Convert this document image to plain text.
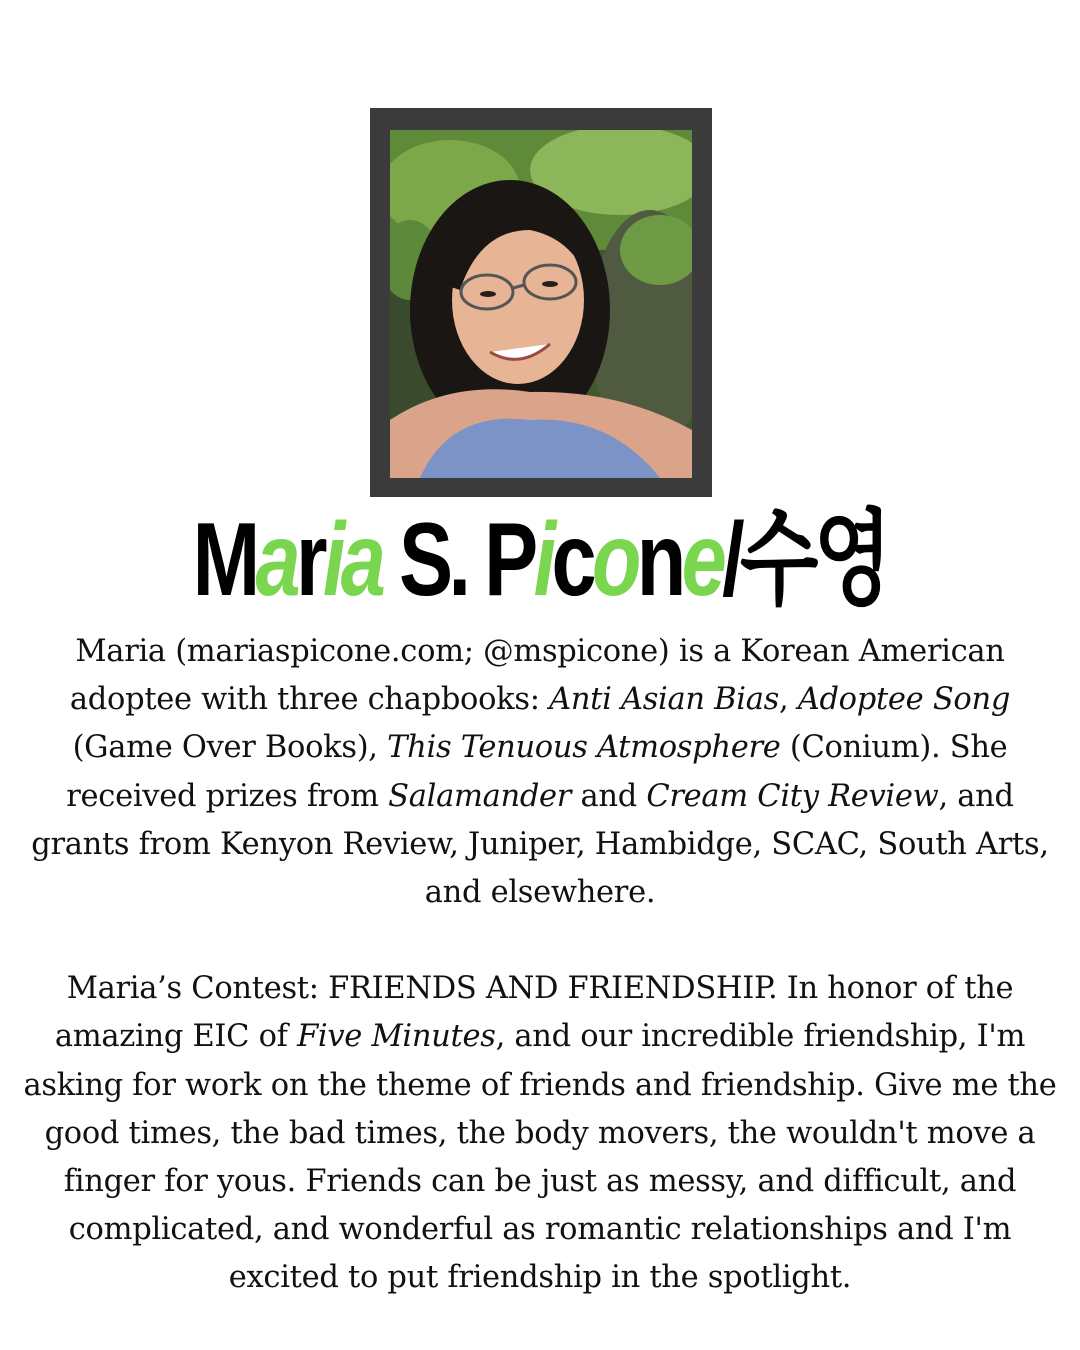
Maria S. Picone/수영

Maria (mariaspicone.com; @mspicone) is a Korean American adoptee with three chapbooks: Anti Asian Bias, Adoptee Song (Game Over Books), This Tenuous Atmosphere (Conium). She received prizes from Salamander and Cream City Review, and grants from Kenyon Review, Juniper, Hambidge, SCAC, South Arts, and elsewhere.

Maria’s Contest: FRIENDS AND FRIENDSHIP. In honor of the amazing EIC of Five Minutes, and our incredible friendship, I'm asking for work on the theme of friends and friendship. Give me the good times, the bad times, the body movers, the wouldn't move a finger for yous. Friends can be just as messy, and difficult, and complicated, and wonderful as romantic relationships and I'm excited to put friendship in the spotlight.
